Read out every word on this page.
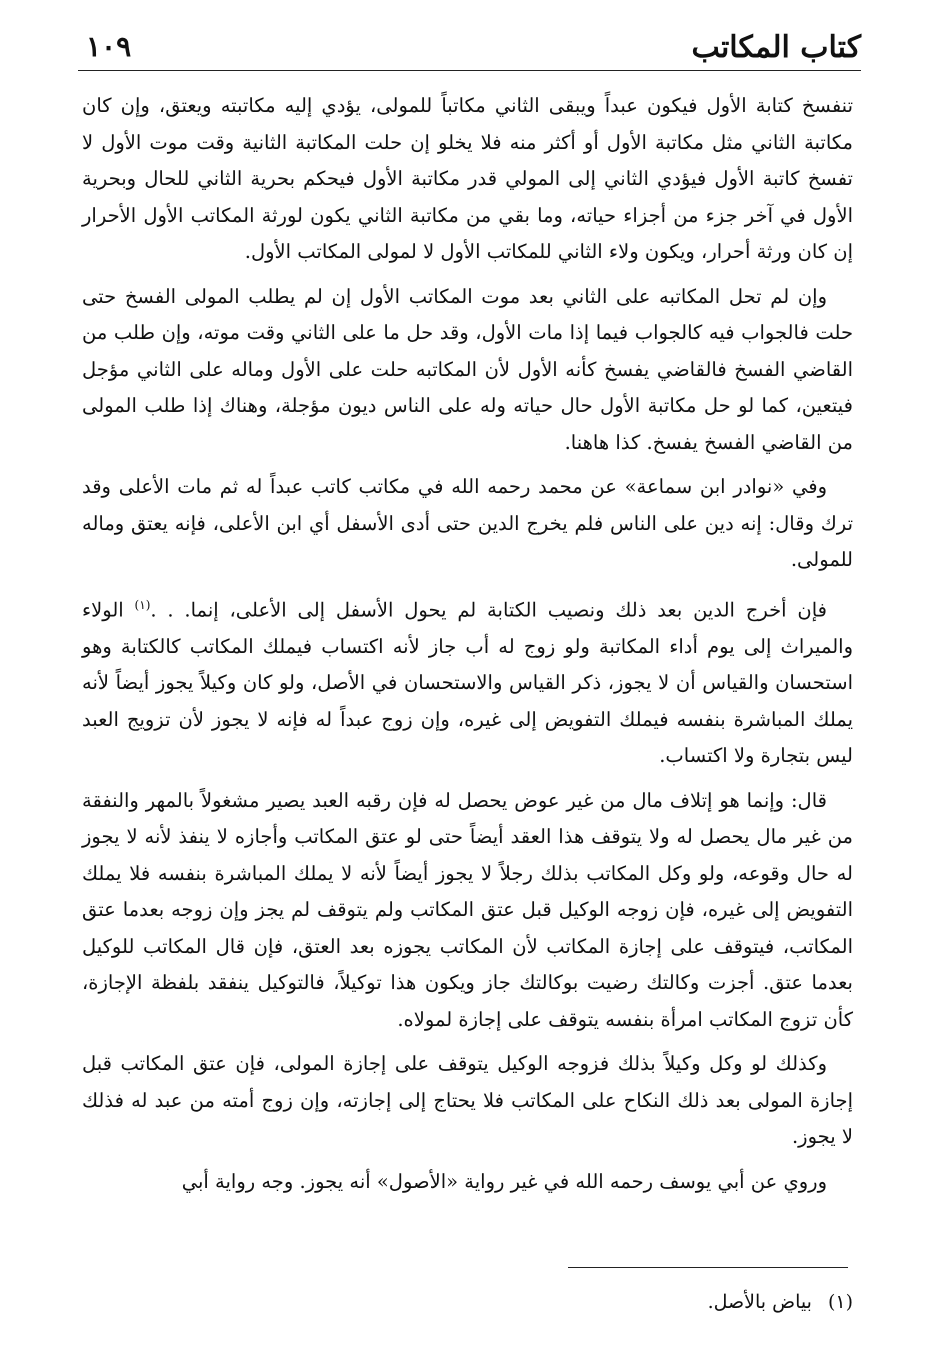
كتاب المكاتب
١٠٩

تنفسخ كتابة الأول فيكون عبداً ويبقى الثاني مكاتباً للمولى، يؤدي إليه مكاتبته ويعتق، وإن كان مكاتبة الثاني مثل مكاتبة الأول أو أكثر منه فلا يخلو إن حلت المكاتبة الثانية وقت موت الأول لا تفسخ كاتبة الأول فيؤدي الثاني إلى المولي قدر مكاتبة الأول فيحكم بحرية الثاني للحال وبحرية الأول في آخر جزء من أجزاء حياته، وما بقي من مكاتبة الثاني يكون لورثة المكاتب الأول الأحرار إن كان ورثة أحرار، ويكون ولاء الثاني للمكاتب الأول لا لمولى المكاتب الأول.

وإن لم تحل المكاتبه على الثاني بعد موت المكاتب الأول إن لم يطلب المولى الفسخ حتى حلت فالجواب فيه كالجواب فيما إذا مات الأول، وقد حل ما على الثاني وقت موته، وإن طلب من القاضي الفسخ فالقاضي يفسخ كأنه الأول لأن المكاتبه حلت على الأول وماله على الثاني مؤجل فيتعين، كما لو حل مكاتبة الأول حال حياته وله على الناس ديون مؤجلة، وهناك إذا طلب المولى من القاضي الفسخ يفسخ. كذا هاهنا.

وفي «نوادر ابن سماعة» عن محمد رحمه الله في مكاتب كاتب عبداً له ثم مات الأعلى وقد ترك وقال: إنه دين على الناس فلم يخرج الدين حتى أدى الأسفل أي ابن الأعلى، فإنه يعتق وماله للمولى.

فإن أخرج الدين بعد ذلك ونصيب الكتابة لم يحول الأسفل إلى الأعلى، إنما. . .$^{(١)}$ الولاء والميراث إلى يوم أداء المكاتبة ولو زوج له أب جاز لأنه اكتساب فيملك المكاتب كالكتابة وهو استحسان والقياس أن لا يجوز، ذكر القياس والاستحسان في الأصل، ولو كان وكيلاً يجوز أيضاً لأنه يملك المباشرة بنفسه فيملك التفويض إلى غيره، وإن زوج عبداً له فإنه لا يجوز لأن تزويج العبد ليس بتجارة ولا اكتساب.

قال: وإنما هو إتلاف مال من غير عوض يحصل له فإن رقبه العبد يصير مشغولاً بالمهر والنفقة من غير مال يحصل له ولا يتوقف هذا العقد أيضاً حتى لو عتق المكاتب وأجازه لا ينفذ لأنه لا يجوز له حال وقوعه، ولو وكل المكاتب بذلك رجلاً لا يجوز أيضاً لأنه لا يملك المباشرة بنفسه فلا يملك التفويض إلى غيره، فإن زوجه الوكيل قبل عتق المكاتب ولم يتوقف لم يجز وإن زوجه بعدما عتق المكاتب، فيتوقف على إجازة المكاتب لأن المكاتب يجوزه بعد العتق، فإن قال المكاتب للوكيل بعدما عتق. أجزت وكالتك رضيت بوكالتك جاز ويكون هذا توكيلاً، فالتوكيل ينفقد بلفظة الإجازة، كأن تزوج المكاتب امرأة بنفسه يتوقف على إجازة لمولاه.

وكذلك لو وكل وكيلاً بذلك فزوجه الوكيل يتوقف على إجازة المولى، فإن عتق المكاتب قبل إجازة المولى بعد ذلك النكاح على المكاتب فلا يحتاج إلى إجازته، وإن زوج أمته من عبد له فذلك لا يجوز.

وروي عن أبي يوسف رحمه الله في غير رواية «الأصول» أنه يجوز. وجه رواية أبي

(١) بياض بالأصل.
